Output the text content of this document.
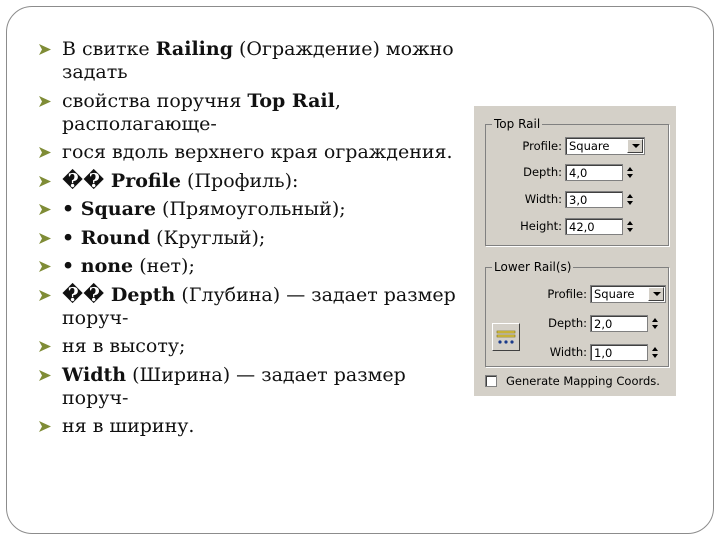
В свитке Railing (Ограждение) можно задать
свойства поручня Top Rail, располагающе-
гося вдоль верхнего края ограждения.
�� Profile (Профиль):
• Square (Прямоугольный);
• Round (Круглый);
• none (нет);
�� Depth (Глубина) — задает размер поруч-
ня в высоту;
Width (Ширина) — задает размер поруч-
ня в ширину.
Top Rail
Profile: Square
Depth: 4,0
Width: 3,0
Height: 42,0
Lower Rail(s)
Profile: Square
Depth: 2,0
Width: 1,0
Generate Mapping Coords.
